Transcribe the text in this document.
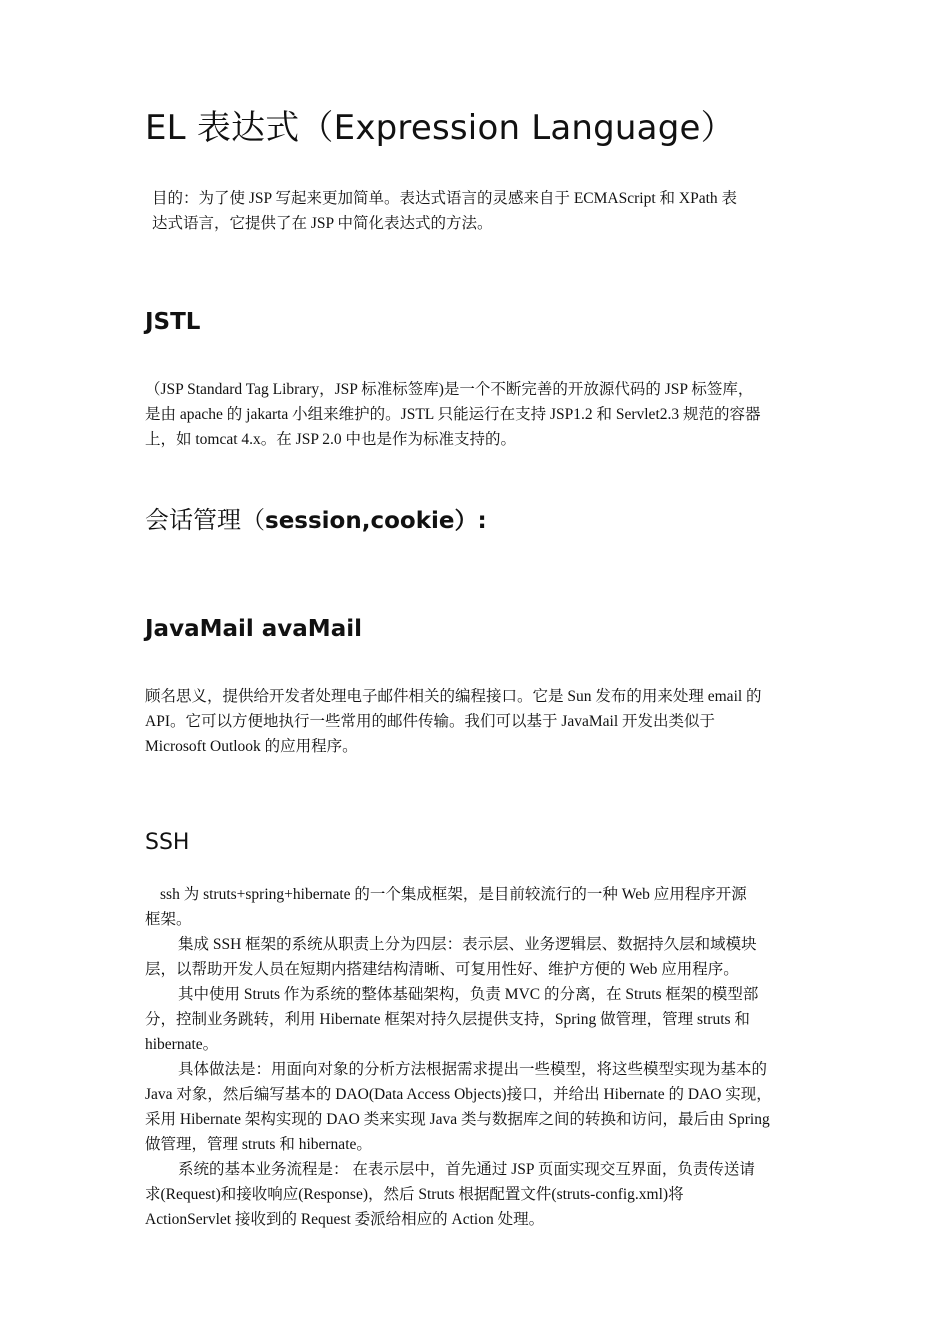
EL 表达式（Expression Language）
目的：为了使 JSP 写起来更加简单。表达式语言的灵感来自于 ECMAScript 和 XPath 表
达式语言，它提供了在 JSP 中简化表达式的方法。
JSTL
（JSP Standard Tag Library，JSP 标准标签库)是一个不断完善的开放源代码的 JSP 标签库，
是由 apache 的 jakarta 小组来维护的。JSTL 只能运行在支持 JSP1.2 和 Servlet2.3 规范的容器
上，如 tomcat 4.x。在 JSP 2.0 中也是作为标准支持的。
会话管理（session,cookie）:
JavaMail avaMail
顾名思义，提供给开发者处理电子邮件相关的编程接口。它是 Sun 发布的用来处理 email 的
API。它可以方便地执行一些常用的邮件传输。我们可以基于 JavaMail 开发出类似于
Microsoft Outlook 的应用程序。
SSH
ssh 为 struts+spring+hibernate 的一个集成框架，是目前较流行的一种 Web 应用程序开源
框架。
集成 SSH 框架的系统从职责上分为四层：表示层、业务逻辑层、数据持久层和域模块
层，以帮助开发人员在短期内搭建结构清晰、可复用性好、维护方便的 Web 应用程序。
其中使用 Struts 作为系统的整体基础架构，负责 MVC 的分离，在 Struts 框架的模型部
分，控制业务跳转，利用 Hibernate 框架对持久层提供支持，Spring 做管理，管理 struts 和
hibernate。
具体做法是：用面向对象的分析方法根据需求提出一些模型，将这些模型实现为基本的
Java 对象，然后编写基本的 DAO(Data Access Objects)接口，并给出 Hibernate 的 DAO 实现，
采用 Hibernate 架构实现的 DAO 类来实现 Java 类与数据库之间的转换和访问，最后由 Spring
做管理，管理 struts 和 hibernate。
系统的基本业务流程是： 在表示层中，首先通过 JSP 页面实现交互界面，负责传送请
求(Request)和接收响应(Response)，然后 Struts 根据配置文件(struts-config.xml)将
ActionServlet 接收到的 Request 委派给相应的 Action 处理。
